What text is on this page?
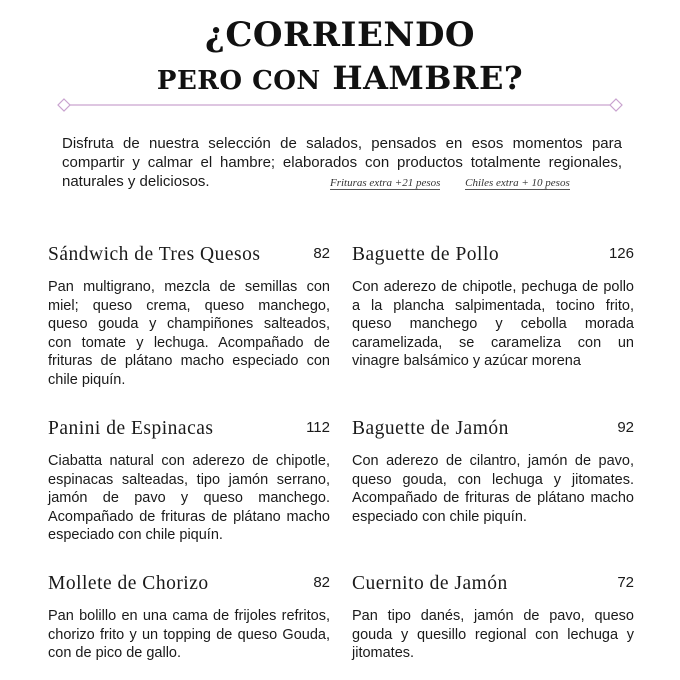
¿CORRIENDO
PERO CON HAMBRE?

Disfruta de nuestra selección de salados, pensados en esos momentos para compartir y calmar el hambre; elaborados con productos totalmente regionales, naturales y deliciosos.	Frituras extra +21 pesos Chiles extra + 10 pesos
Sándwich de Tres Quesos	82
Pan multigrano, mezcla de semillas con miel; queso crema, queso manchego, queso gouda y champiñones salteados, con tomate y lechuga. Acompañado de frituras de plátano macho especiado con chile piquín.
Baguette de Pollo	126
Con aderezo de chipotle, pechuga de pollo a la plancha salpimentada, tocino frito, queso manchego y cebolla morada caramelizada, se carameliza con un vinagre balsámico y azúcar morena
Panini de Espinacas	112
Ciabatta natural con aderezo de chipotle, espinacas salteadas, tipo jamón serrano, jamón de pavo y queso manchego. Acompañado de frituras de plátano macho especiado con chile piquín.
Baguette de Jamón	92
Con aderezo de cilantro, jamón de pavo, queso gouda, con lechuga y jitomates. Acompañado de frituras de plátano macho especiado con chile piquín.
Mollete de Chorizo	82
Pan bolillo en una cama de frijoles refritos, chorizo frito y un topping de queso Gouda, con de pico de gallo.
Cuernito de Jamón	72
Pan tipo danés, jamón de pavo, queso gouda y quesillo regional con lechuga y jitomates.
